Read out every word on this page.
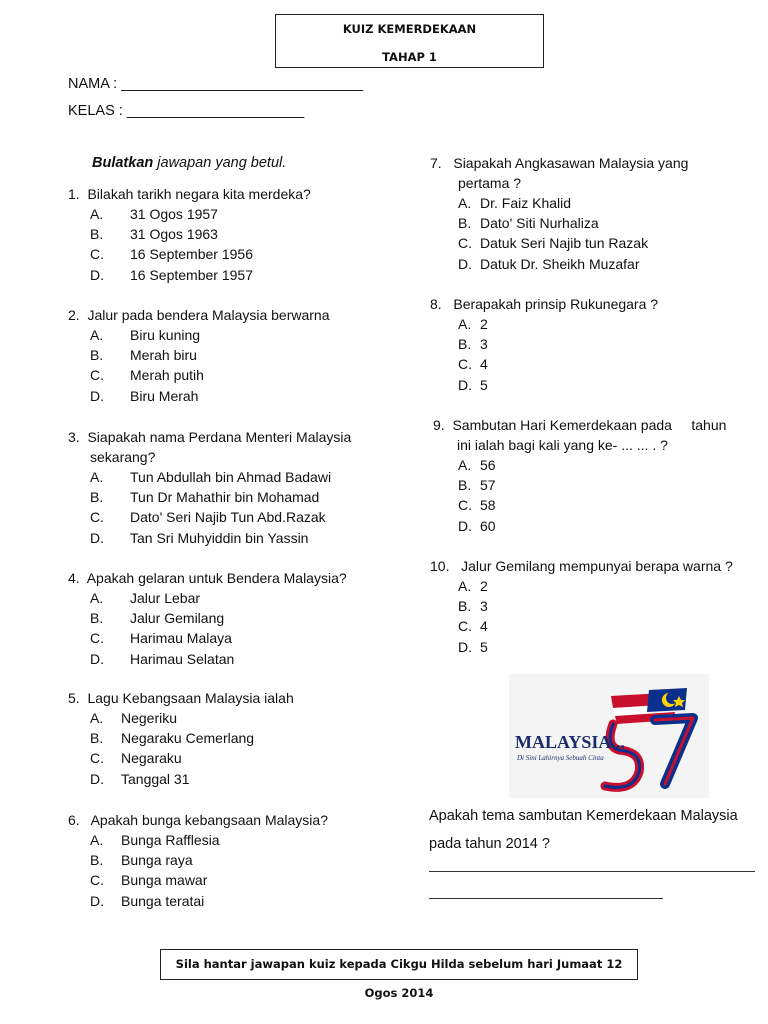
KUIZ KEMERDEKAAN
TAHAP 1
NAMA : ______________________________
KELAS : ______________________
Bulatkan jawapan yang betul.
1. Bilakah tarikh negara kita merdeka?
A. 31 Ogos 1957
B. 31 Ogos 1963
C. 16 September 1956
D. 16 September 1957
2. Jalur pada bendera Malaysia berwarna
A. Biru kuning
B. Merah biru
C. Merah putih
D. Biru Merah
3. Siapakah nama Perdana Menteri Malaysia
sekarang?
A. Tun Abdullah bin Ahmad Badawi
B. Tun Dr Mahathir bin Mohamad
C. Dato' Seri Najib Tun Abd.Razak
D. Tan Sri Muhyiddin bin Yassin
4. Apakah gelaran untuk Bendera Malaysia?
A. Jalur Lebar
B. Jalur Gemilang
C. Harimau Malaya
D. Harimau Selatan
5. Lagu Kebangsaan Malaysia ialah
A. Negeriku
B. Negaraku Cemerlang
C. Negaraku
D. Tanggal 31
6. Apakah bunga kebangsaan Malaysia?
A. Bunga Rafflesia
B. Bunga raya
C. Bunga mawar
D. Bunga teratai
7. Siapakah Angkasawan Malaysia yang
pertama ?
A. Dr. Faiz Khalid
B. Dato' Siti Nurhaliza
C. Datuk Seri Najib tun Razak
D. Datuk Dr. Sheikh Muzafar
8. Berapakah prinsip Rukunegara ?
A. 2
B. 3
C. 4
D. 5
9. Sambutan Hari Kemerdekaan pada     tahun
ini ialah bagi kali yang ke- ... ... . ?
A. 56
B. 57
C. 58
D. 60
10. Jalur Gemilang mempunyai berapa warna ?
A. 2
B. 3
C. 4
D. 5
MALAYSIA...
Di Sini Lahirnya Sebuah Cinta
57
Apakah tema sambutan Kemerdekaan Malaysia
pada tahun 2014 ?
Sila hantar jawapan kuiz kepada Cikgu Hilda sebelum hari Jumaat 12 Ogos 2014
